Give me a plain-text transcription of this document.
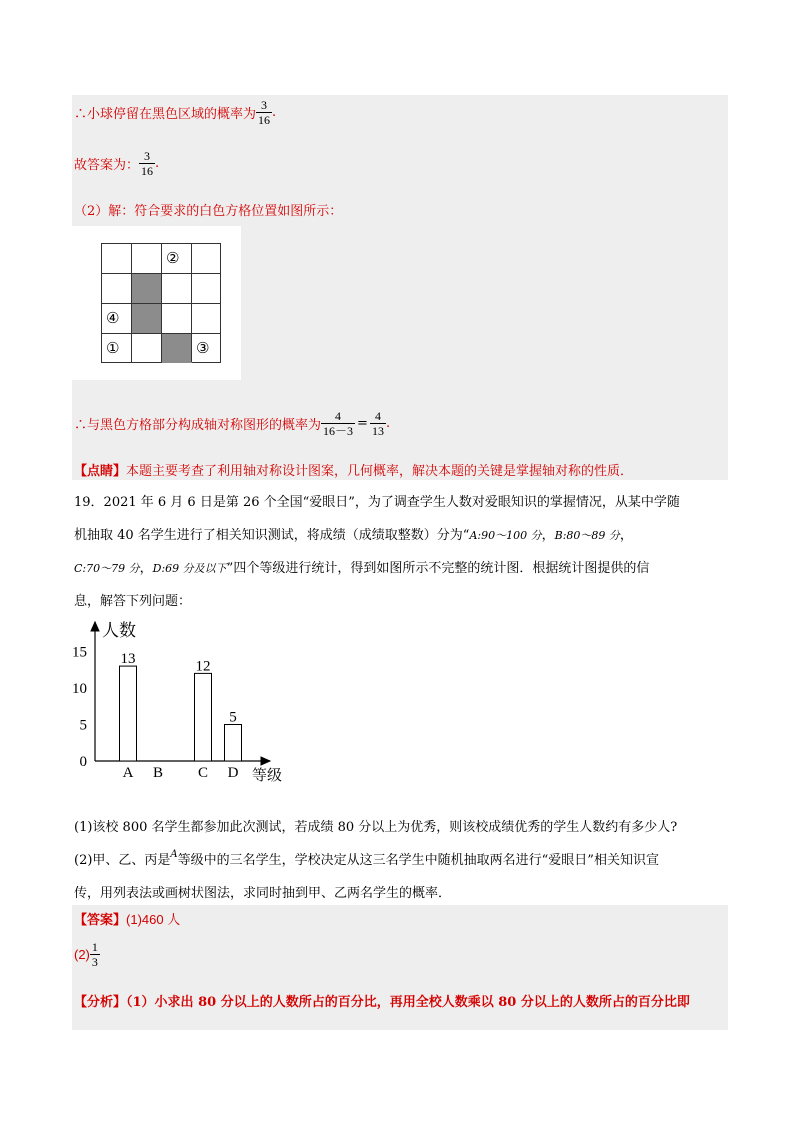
∴小球停留在黑色区域的概率为 $\frac{3}{16}$ .
故答案为： $\frac{3}{16}$ .
（2）解：符合要求的白色方格位置如图所示：
②
④
①	③
∴与黑色方格部分构成轴对称图形的概率为 $\frac{4}{16-3} = \frac{4}{13}$ .
【点睛】本题主要考查了利用轴对称设计图案，几何概率，解决本题的关键是掌握轴对称的性质．
19．2021 年 6 月 6 日是第 26 个全国“爱眼日”，为了调查学生人数对爱眼知识的掌握情况，从某中学随
机抽取 40 名学生进行了相关知识测试，将成绩（成绩取整数）分为“A:90～100 分，B:80～89 分，
C:70～79 分，D:69 分及以下”四个等级进行统计，得到如图所示不完整的统计图．根据统计图提供的信
息，解答下列问题：
人数
等级
0
5
10
15 13
A B
12
C
5
D
(1)该校 800 名学生都参加此次测试，若成绩 80 分以上为优秀，则该校成绩优秀的学生人数约有多少人?
(2)甲、乙、丙是$^A$等级中的三名学生，学校决定从这三名学生中随机抽取两名进行“爱眼日”相关知识宣
传，用列表法或画树状图法，求同时抽到甲、乙两名学生的概率．
【答案】(1)460 人
$(2) \frac{1}{3}$
【分析】（1）小求出 80 分以上的人数所占的百分比，再用全校人数乘以 80 分以上的人数所占的百分比即
